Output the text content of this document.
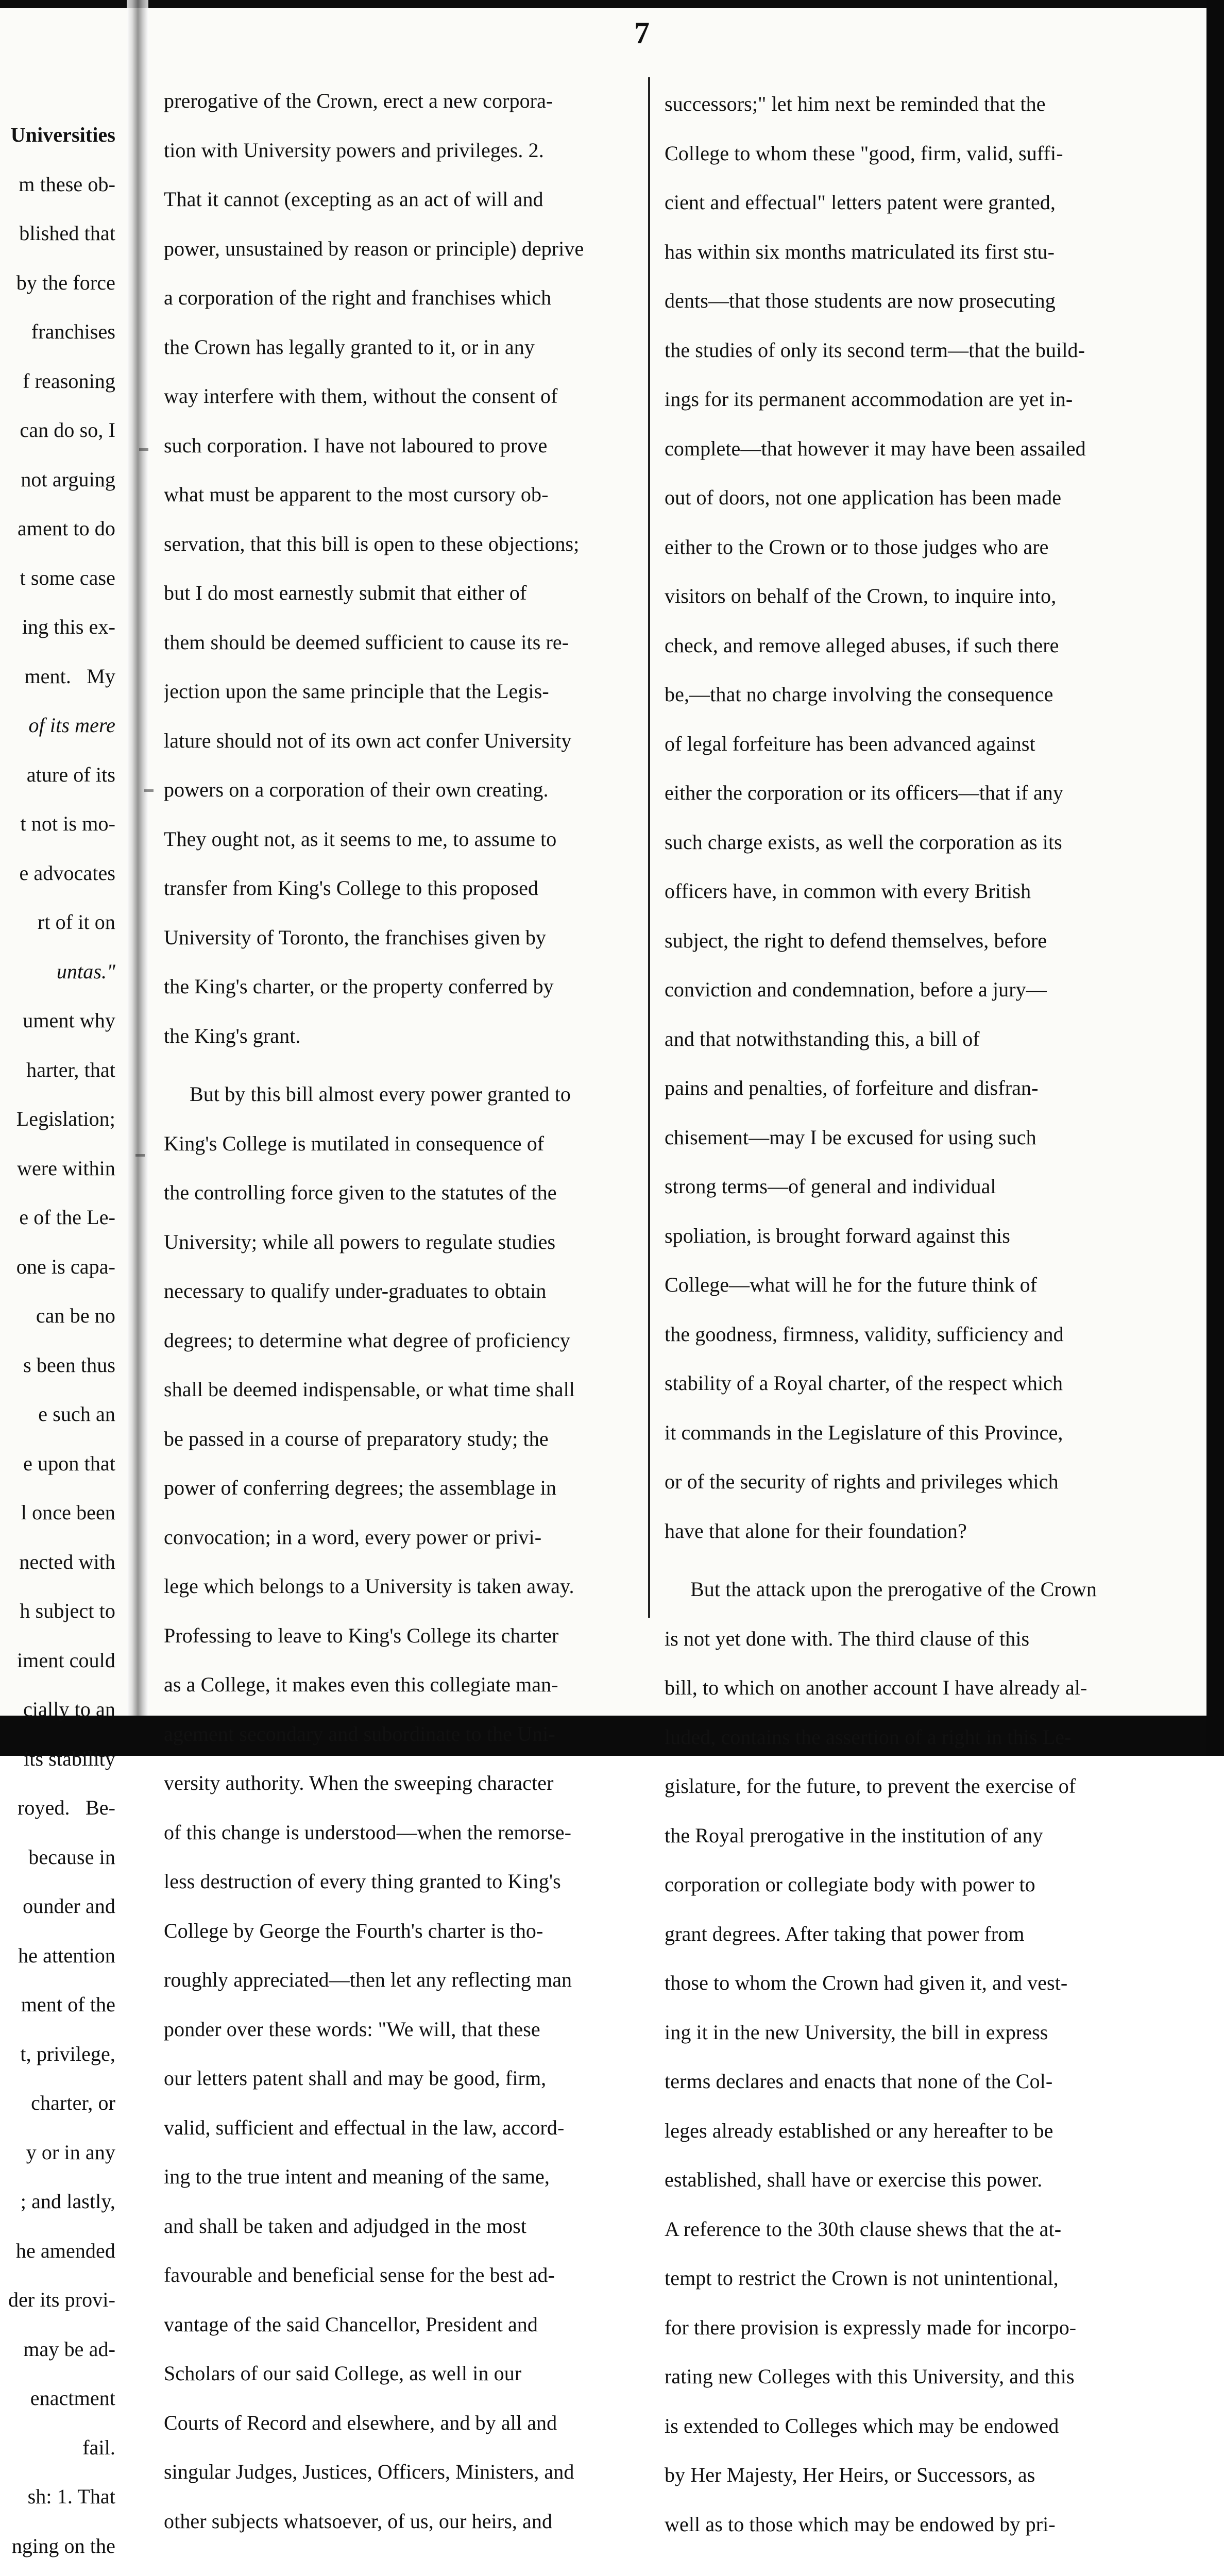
7

Universities

m these ob-

blished that

by the force

franchises

f reasoning

can do so, I

not arguing

ament to do

t some case

ing this ex-

ment.   My

of its mere

ature of its

t not is mo-

e advocates

rt of it on

untas."

ument why

harter, that

Legislation;

were within

e of the Le-

one is capa-

can be no

s been thus

e such an

e upon that

l once been

nected with

h subject to

iment could

cially to an

its stability

royed.   Be-

because in

ounder and

he attention

ment of the

t, privilege,

charter, or

y or in any

; and lastly,

he amended

der its provi-

may be ad-

enactment

fail.

sh: 1. That

nging on the

prerogative of the Crown, erect a new corpora-

tion with University powers and privileges. 2.

That it cannot (excepting as an act of will and

power, unsustained by reason or principle) deprive

a corporation of the right and franchises which

the Crown has legally granted to it, or in any

way interfere with them, without the consent of

such corporation. I have not laboured to prove

what must be apparent to the most cursory ob-

servation, that this bill is open to these objections;

but I do most earnestly submit that either of

them should be deemed sufficient to cause its re-

jection upon the same principle that the Legis-

lature should not of its own act confer University

powers on a corporation of their own creating.

They ought not, as it seems to me, to assume to

transfer from King's College to this proposed

University of Toronto, the franchises given by

the King's charter, or the property conferred by

the King's grant.

But by this bill almost every power granted to

King's College is mutilated in consequence of

the controlling force given to the statutes of the

University; while all powers to regulate studies

necessary to qualify under-graduates to obtain

degrees; to determine what degree of proficiency

shall be deemed indispensable, or what time shall

be passed in a course of preparatory study; the

power of conferring degrees; the assemblage in

convocation; in a word, every power or privi-

lege which belongs to a University is taken away.

Professing to leave to King's College its charter

as a College, it makes even this collegiate man-

agement secondary and subordinate to the Uni-

versity authority. When the sweeping character

of this change is understood—when the remorse-

less destruction of every thing granted to King's

College by George the Fourth's charter is tho-

roughly appreciated—then let any reflecting man

ponder over these words: "We will, that these

our letters patent shall and may be good, firm,

valid, sufficient and effectual in the law, accord-

ing to the true intent and meaning of the same,

and shall be taken and adjudged in the most

favourable and beneficial sense for the best ad-

vantage of the said Chancellor, President and

Scholars of our said College, as well in our

Courts of Record and elsewhere, and by all and

singular Judges, Justices, Officers, Ministers, and

other subjects whatsoever, of us, our heirs, and

successors;" let him next be reminded that the

College to whom these "good, firm, valid, suffi-

cient and effectual" letters patent were granted,

has within six months matriculated its first stu-

dents—that those students are now prosecuting

the studies of only its second term—that the build-

ings for its permanent accommodation are yet in-

complete—that however it may have been assailed

out of doors, not one application has been made

either to the Crown or to those judges who are

visitors on behalf of the Crown, to inquire into,

check, and remove alleged abuses, if such there

be,—that no charge involving the consequence

of legal forfeiture has been advanced against

either the corporation or its officers—that if any

such charge exists, as well the corporation as its

officers have, in common with every British

subject, the right to defend themselves, before

conviction and condemnation, before a jury—

and that notwithstanding this, a bill of

pains and penalties, of forfeiture and disfran-

chisement—may I be excused for using such

strong terms—of general and individual

spoliation, is brought forward against this

College—what will he for the future think of

the goodness, firmness, validity, sufficiency and

stability of a Royal charter, of the respect which

it commands in the Legislature of this Province,

or of the security of rights and privileges which

have that alone for their foundation?

But the attack upon the prerogative of the Crown

is not yet done with. The third clause of this

bill, to which on another account I have already al-

luded, contains the assertion of a right in this Le-

gislature, for the future, to prevent the exercise of

the Royal prerogative in the institution of any

corporation or collegiate body with power to

grant degrees. After taking that power from

those to whom the Crown had given it, and vest-

ing it in the new University, the bill in express

terms declares and enacts that none of the Col-

leges already established or any hereafter to be

established, shall have or exercise this power.

A reference to the 30th clause shews that the at-

tempt to restrict the Crown is not unintentional,

for there provision is expressly made for incorpo-

rating new Colleges with this University, and this

is extended to Colleges which may be endowed

by Her Majesty, Her Heirs, or Successors, as

well as to those which may be endowed by pri-
